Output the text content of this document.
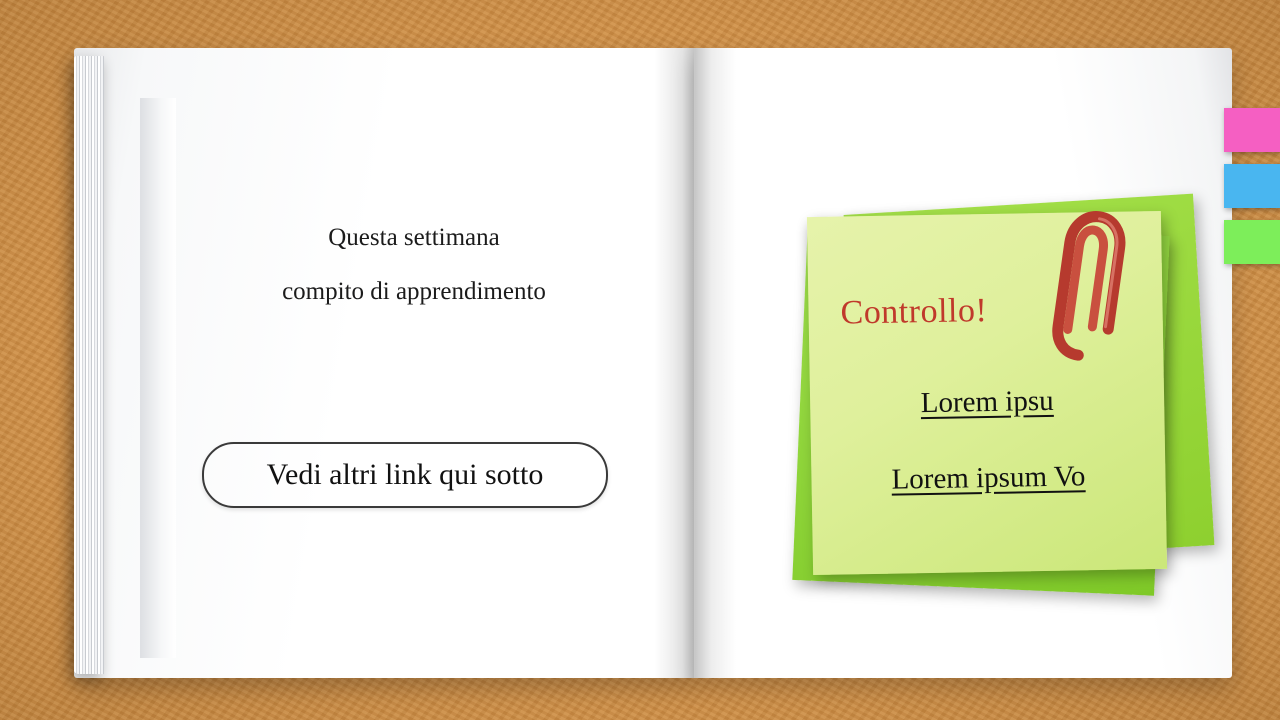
Questa settimana
compito di apprendimento
Vedi altri link qui sotto
Controllo!
Lorem ipsu
Lorem ipsum Vo
